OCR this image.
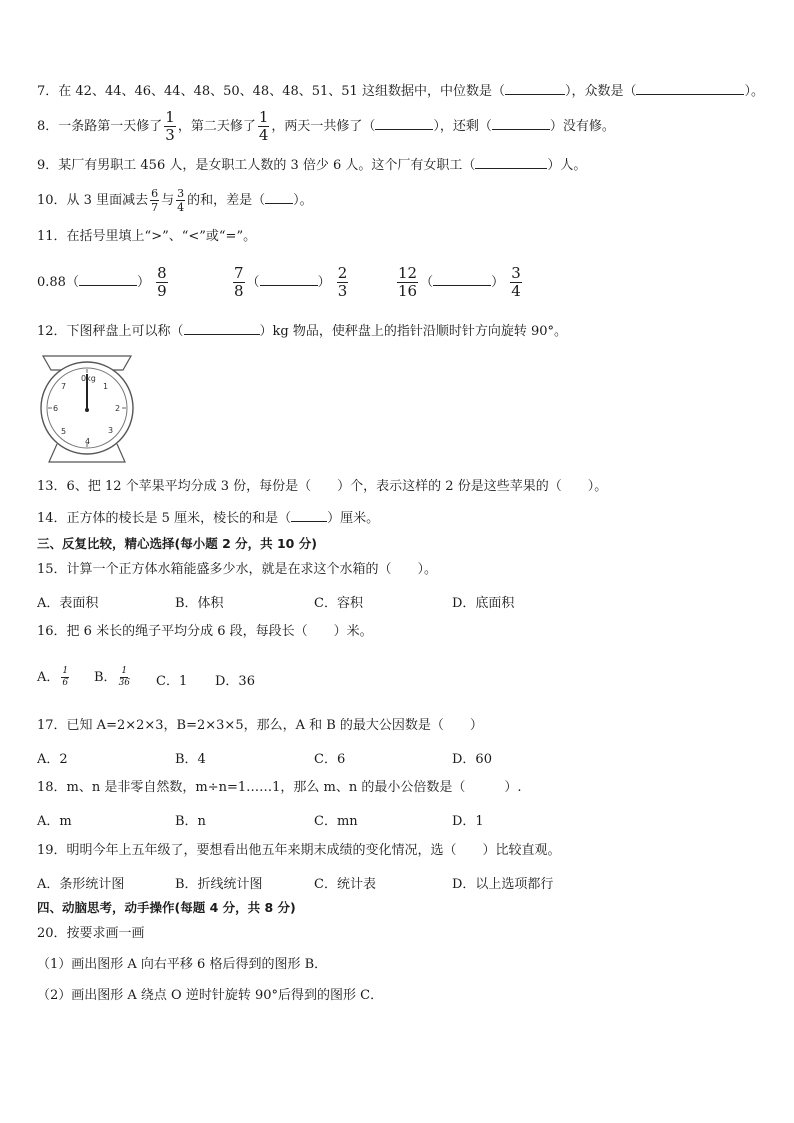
7．在 42、44、46、44、48、50、48、48、51、51 这组数据中，中位数是（	），众数是（	）。
8．一条路第一天修了 $\frac{1}{3}$ ，第二天修了 $\frac{1}{4}$ ，两天一共修了（	），还剩（	）没有修。
9．某厂有男职工 456 人，是女职工人数的 3 倍少 6 人。这个厂有女职工（	）人。
10．从 3 里面减去 $\frac{6}{7}$ 与 $\frac{3}{4}$ 的和，差是（ ）。
11．在括号里填上“>”、“<”或“=”。
0.88（	） $\frac{8}{9}$	$\frac{7}{8}$ （	） $\frac{2}{3}$	$\frac{12}{16}$ （	） $\frac{3}{4}$
12．下图秤盘上可以称（	）kg 物品，使秤盘上的指针沿顺时针方向旋转 90°。
0kg
1
2
3
4
5
6
7
13．6、把 12 个苹果平均分成 3 份，每份是（　　）个，表示这样的 2 份是这些苹果的（　　）。
14．正方体的棱长是 5 厘米，棱长的和是（	）厘米。
三、反复比较，精心选择(每小题 2 分，共 10 分)
15．计算一个正方体水箱能盛多少水，就是在求这个水箱的（　　）。
A．表面积	B．体积	C．容积	D．底面积
16．把 6 米长的绳子平均分成 6 段，每段长（　　）米。
A． $\frac{1}{6}$ B． $\frac{1}{36}$ C．1 D．36
17．已知 A=2×2×3，B=2×3×5，那么，A 和 B 的最大公因数是（　　）
A．2	B．4	C．6	D．60
18．m、n 是非零自然数，m÷n=1……1，那么 m、n 的最小公倍数是（　　　）.
A．m	B．n	C．mn	D．1
19．明明今年上五年级了，要想看出他五年来期末成绩的变化情况，选（　　）比较直观。
A．条形统计图	B．折线统计图	C．统计表	D．以上选项都行
四、动脑思考，动手操作(每题 4 分，共 8 分)
20．按要求画一画
（1）画出图形 A 向右平移 6 格后得到的图形 B．
（2）画出图形 A 绕点 O 逆时针旋转 90°后得到的图形 C．
